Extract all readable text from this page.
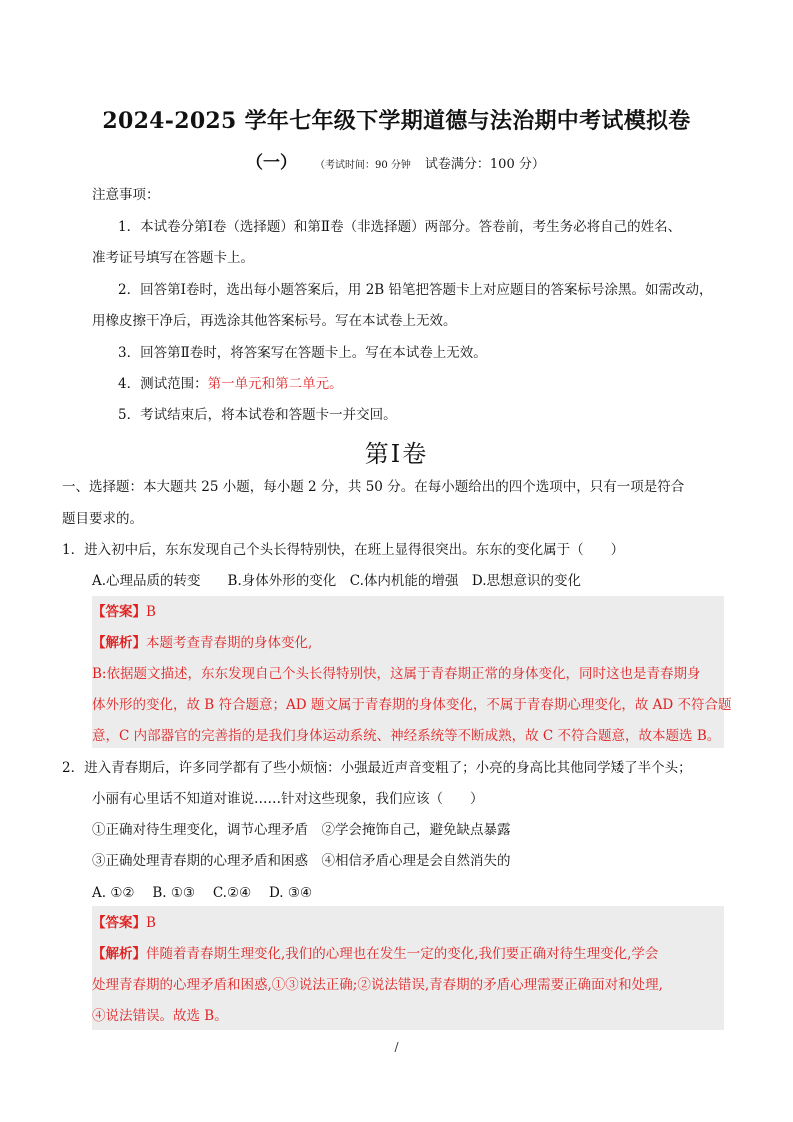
2024-2025 学年七年级下学期道德与法治期中考试模拟卷
（一） （考试时间：90 分钟 试卷满分：100 分）
注意事项：
1．本试卷分第Ⅰ卷（选择题）和第Ⅱ卷（非选择题）两部分。答卷前，考生务必将自己的姓名、
准考证号填写在答题卡上。
2．回答第Ⅰ卷时，选出每小题答案后，用 2B 铅笔把答题卡上对应题目的答案标号涂黑。如需改动，
用橡皮擦干净后，再选涂其他答案标号。写在本试卷上无效。
3．回答第Ⅱ卷时，将答案写在答题卡上。写在本试卷上无效。
4．测试范围：第一单元和第二单元。
5．考试结束后，将本试卷和答题卡一并交回。
第Ⅰ卷
一、选择题：本大题共 25 小题，每小题 2 分，共 50 分。在每小题给出的四个选项中，只有一项是符合
题目要求的。
1．进入初中后，东东发现自己个头长得特别快，在班上显得很突出。东东的变化属于（　　）
A.心理品质的转变　　B.身体外形的变化　C.体内机能的增强　D.思想意识的变化
【答案】B
【解析】本题考查青春期的身体变化,
B:依据题文描述，东东发现自己个头长得特别快，这属于青春期正常的身体变化，同时这也是青春期身
体外形的变化，故 B 符合题意；AD 题文属于青春期的身体变化，不属于青春期心理变化，故 AD 不符合题
意，C 内部器官的完善指的是我们身体运动系统、神经系统等不断成熟，故 C 不符合题意，故本题选 B。
2．进入青春期后，许多同学都有了些小烦恼：小强最近声音变粗了；小亮的身高比其他同学矮了半个头；
小丽有心里话不知道对谁说……针对这些现象，我们应该（　　）
①正确对待生理变化，调节心理矛盾　②学会掩饰自己，避免缺点暴露
③正确处理青春期的心理矛盾和困惑　④相信矛盾心理是会自然消失的
A. ①②　 B. ①③　 C.②④　 D. ③④
【答案】B
【解析】伴随着青春期生理变化,我们的心理也在发生一定的变化,我们要正确对待生理变化,学会
处理青春期的心理矛盾和困惑,①③说法正确;②说法错误,青春期的矛盾心理需要正确面对和处理,
④说法错误。故选 B。
/
